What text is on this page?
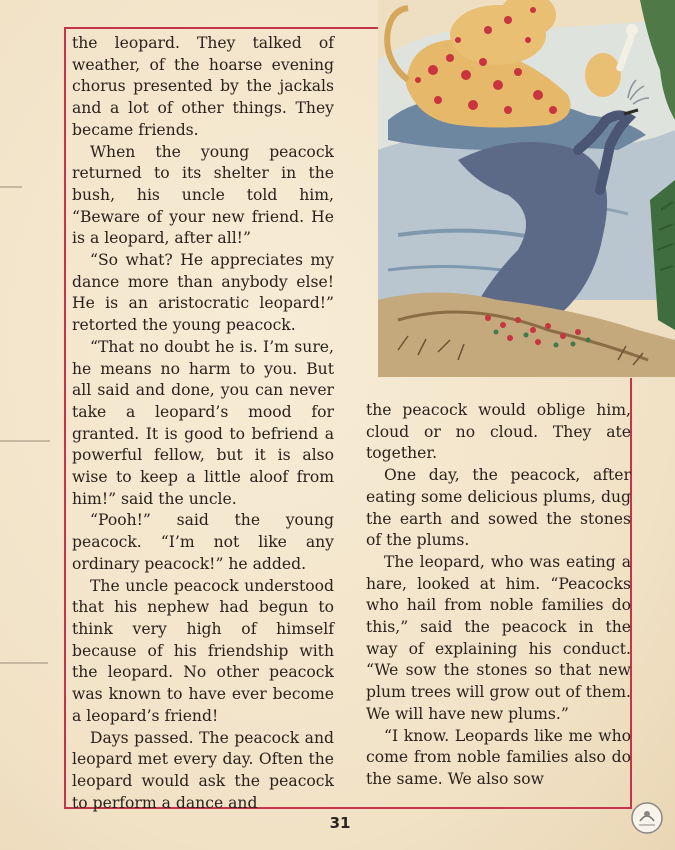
the leopard. They talked of weather, of the hoarse evening chorus presented by the jackals and a lot of other things. They became friends.

When the young peacock returned to its shelter in the bush, his uncle told him, “Beware of your new friend. He is a leopard, after all!”

“So what? He appreciates my dance more than anybody else! He is an aristocratic leopard!” retorted the young peacock.

“That no doubt he is. I’m sure, he means no harm to you. But all said and done, you can never take a leopard’s mood for granted. It is good to befriend a powerful fellow, but it is also wise to keep a little aloof from him!” said the uncle.

“Pooh!” said the young peacock. “I’m not like any ordinary peacock!” he added.

The uncle peacock understood that his nephew had begun to think very high of himself because of his friendship with the leopard. No other peacock was known to have ever become a leopard’s friend!

Days passed. The peacock and leopard met every day. Often the leopard would ask the peacock to perform a dance and

the peacock would oblige him, cloud or no cloud. They ate together.

One day, the peacock, after eating some delicious plums, dug the earth and sowed the stones of the plums.

The leopard, who was eating a hare, looked at him. “Peacocks who hail from noble families do this,” said the peacock in the way of explaining his conduct. “We sow the stones so that new plum trees will grow out of them. We will have new plums.”

“I know. Leopards like me who come from noble families also do the same. We also sow

31
